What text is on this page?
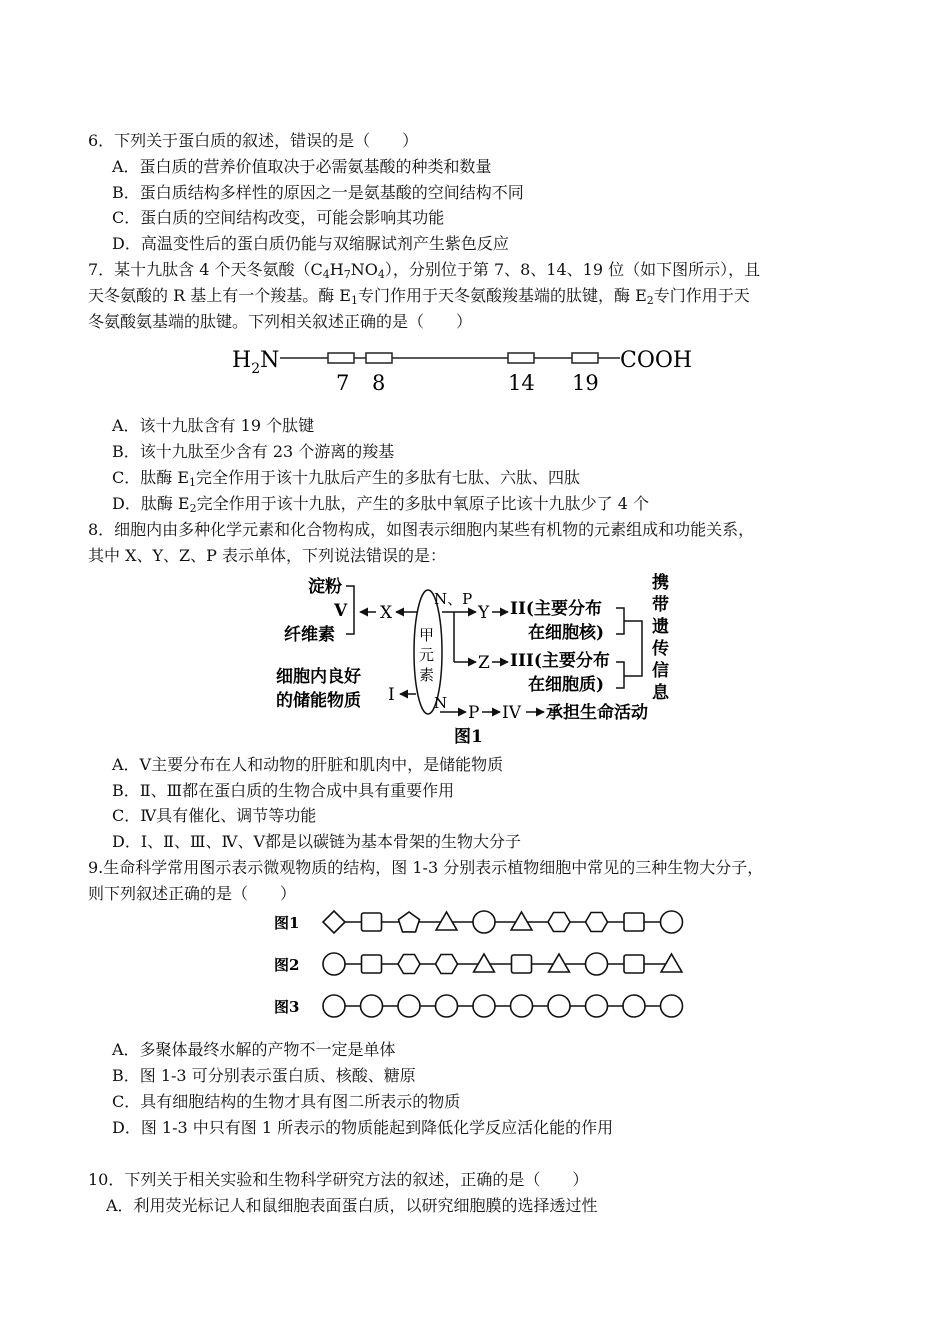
6．下列关于蛋白质的叙述，错误的是（　　）
A．蛋白质的营养价值取决于必需氨基酸的种类和数量
B．蛋白质结构多样性的原因之一是氨基酸的空间结构不同
C．蛋白质的空间结构改变，可能会影响其功能
D．高温变性后的蛋白质仍能与双缩脲试剂产生紫色反应
7．某十九肽含 4 个天冬氨酸$(C_4H_7NO_4)$，分别位于第 7、8、14、19 位（如下图所示），且
天冬氨酸的 R 基上有一个羧基。酶 $E_1$专门作用于天冬氨酸羧基端的肽键，酶 $E_2$专门作用于天
冬氨酸氨基端的肽键。下列相关叙述正确的是（　　）
$H_2N$	COOH
7 8	14 19
A．该十九肽含有 19 个肽键
B．该十九肽至少含有 23 个游离的羧基
C．肽酶 $E_1$完全作用于该十九肽后产生的多肽有七肽、六肽、四肽
D．肽酶 $E_2$完全作用于该十九肽，产生的多肽中氧原子比该十九肽少了 4 个
8．细胞内由多种化学元素和化合物构成，如图表示细胞内某些有机物的元素组成和功能关系，
其中 X、Y、Z、P 表示单体，下列说法错误的是：
淀粉
V
纤维素
细胞内良好
的储能物质
II(主要分布
在细胞核)
III(主要分布
在细胞质)
承担生命活动
携
带
遗
传
信
息
X
甲
元
素
N、P
Y
Z
I	N P IV
图1
A．Ⅴ主要分布在人和动物的肝脏和肌肉中，是储能物质
B．Ⅱ、Ⅲ都在蛋白质的生物合成中具有重要作用
C．Ⅳ具有催化、调节等功能
D．Ⅰ、Ⅱ、Ⅲ、Ⅳ、Ⅴ都是以碳链为基本骨架的生物大分子
9.生命科学常用图示表示微观物质的结构，图 1-3 分别表示植物细胞中常见的三种生物大分子，
则下列叙述正确的是（　　）
图1
图2
图3
A．多聚体最终水解的产物不一定是单体
B．图 1-3 可分别表示蛋白质、核酸、糖原
C．具有细胞结构的生物才具有图二所表示的物质
D．图 1-3 中只有图 1 所表示的物质能起到降低化学反应活化能的作用
10．下列关于相关实验和生物科学研究方法的叙述，正确的是（　　）
A．利用荧光标记人和鼠细胞表面蛋白质，以研究细胞膜的选择透过性
